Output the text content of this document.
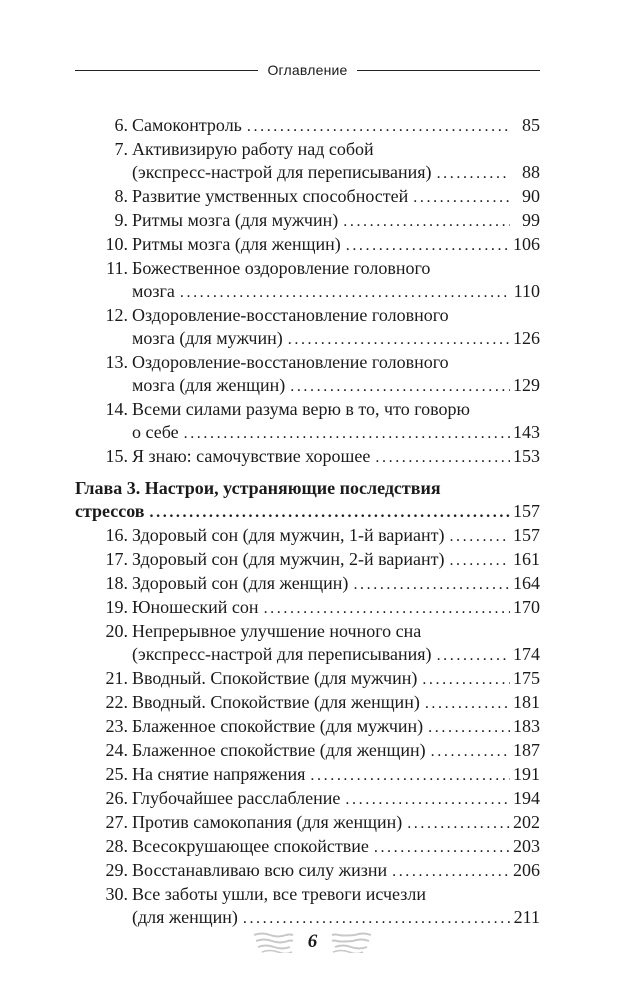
Оглавление
6. Самоконтроль .....	85
7. Активизирую работу над собой
(экспресс-настрой для переписывания) .....	88
8. Развитие умственных способностей .....	90
9. Ритмы мозга (для мужчин) .....	99
10. Ритмы мозга (для женщин) .....	106
11. Божественное оздоровление головного
мозга .....	110
12. Оздоровление-восстановление головного
мозга (для мужчин) .....	126
13. Оздоровление-восстановление головного
мозга (для женщин) .....	129
14. Всеми силами разума верю в то, что говорю
о себе .....	143
15. Я знаю: самочувствие хорошее .....	153
Глава 3. Настрои, устраняющие последствия
стрессов .....	157
16. Здоровый сон (для мужчин, 1-й вариант) .....	157
17. Здоровый сон (для мужчин, 2-й вариант) .....	161
18. Здоровый сон (для женщин) .....	164
19. Юношеский сон .....	170
20. Непрерывное улучшение ночного сна
(экспресс-настрой для переписывания) .....	174
21. Вводный. Спокойствие (для мужчин) .....	175
22. Вводный. Спокойствие (для женщин) .....	181
23. Блаженное спокойствие (для мужчин) .....	183
24. Блаженное спокойствие (для женщин) .....	187
25. На снятие напряжения .....	191
26. Глубочайшее расслабление .....	194
27. Против самокопания (для женщин) .....	202
28. Всесокрушающее спокойствие .....	203
29. Восстанавливаю всю силу жизни .....	206
30. Все заботы ушли, все тревоги исчезли
(для женщин) .....	211
6
